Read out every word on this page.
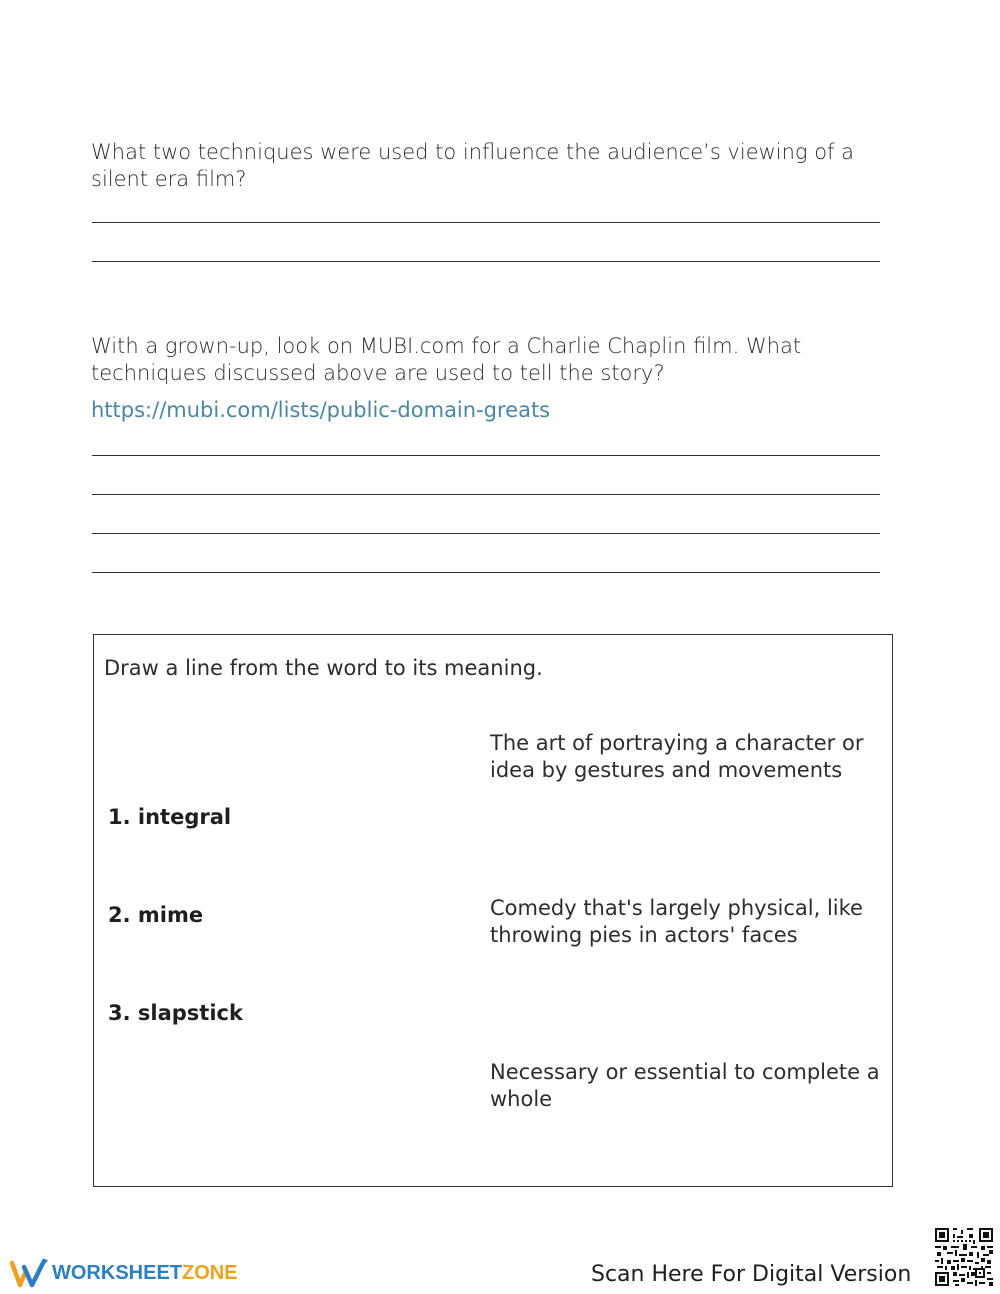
What two techniques were used to influence the audience’s viewing of a silent era film?
With a grown-up, look on MUBI.com for a Charlie Chaplin film. What techniques discussed above are used to tell the story?
https://mubi.com/lists/public-domain-greats
Draw a line from the word to its meaning.
The art of portraying a character or idea by gestures and movements
1. integral
2. mime	Comedy that's largely physical, like throwing pies in actors' faces
3. slapstick
Necessary or essential to complete a whole
WORKSHEETZONE	Scan Here For Digital Version
